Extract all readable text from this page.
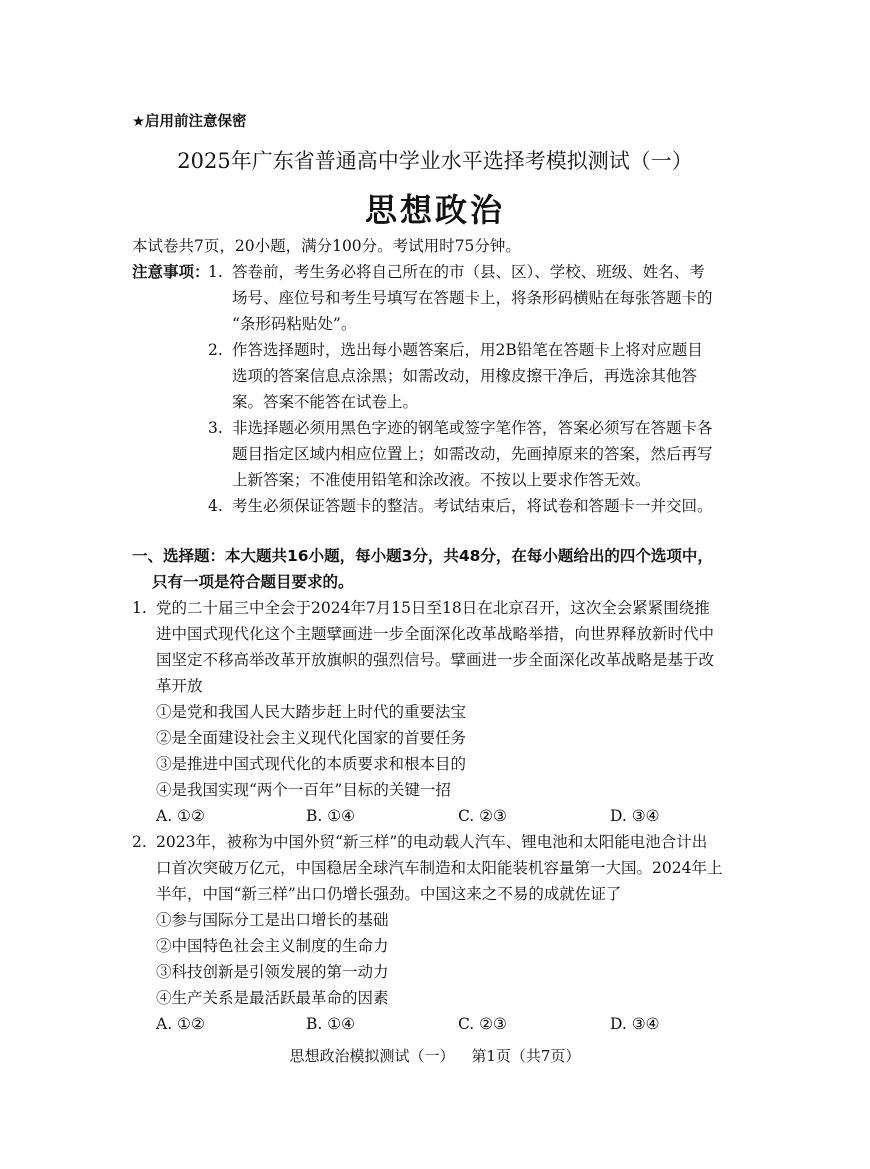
★启用前注意保密
2025年广东省普通高中学业水平选择考模拟测试（一）
思想政治
本试卷共7页，20小题，满分100分。考试用时75分钟。
注意事项：
1. 答卷前，考生务必将自己所在的市（县、区）、学校、班级、姓名、考
场号、座位号和考生号填写在答题卡上，将条形码横贴在每张答题卡的
“条形码粘贴处”。
2. 作答选择题时，选出每小题答案后，用2B铅笔在答题卡上将对应题目
选项的答案信息点涂黑；如需改动，用橡皮擦干净后，再选涂其他答
案。答案不能答在试卷上。
3. 非选择题必须用黑色字迹的钢笔或签字笔作答，答案必须写在答题卡各
题目指定区域内相应位置上；如需改动，先画掉原来的答案，然后再写
上新答案；不准使用铅笔和涂改液。不按以上要求作答无效。
4. 考生必须保证答题卡的整洁。考试结束后，将试卷和答题卡一并交回。
一、选择题：本大题共16小题，每小题3分，共48分，在每小题给出的四个选项中，
只有一项是符合题目要求的。
1. 党的二十届三中全会于2024年7月15日至18日在北京召开，这次全会紧紧围绕推
进中国式现代化这个主题擘画进一步全面深化改革战略举措，向世界释放新时代中
国坚定不移高举改革开放旗帜的强烈信号。擘画进一步全面深化改革战略是基于改
革开放
①是党和我国人民大踏步赶上时代的重要法宝
②是全面建设社会主义现代化国家的首要任务
③是推进中国式现代化的本质要求和根本目的
④是我国实现“两个一百年”目标的关键一招
A. ①②	B. ①④	C. ②③	D. ③④
2. 2023年，被称为中国外贸“新三样”的电动载人汽车、锂电池和太阳能电池合计出
口首次突破万亿元，中国稳居全球汽车制造和太阳能装机容量第一大国。2024年上
半年，中国“新三样”出口仍增长强劲。中国这来之不易的成就佐证了
①参与国际分工是出口增长的基础
②中国特色社会主义制度的生命力
③科技创新是引领发展的第一动力
④生产关系是最活跃最革命的因素
A. ①②	B. ①④	C. ②③	D. ③④
思想政治模拟测试（一） 第1页（共7页）
